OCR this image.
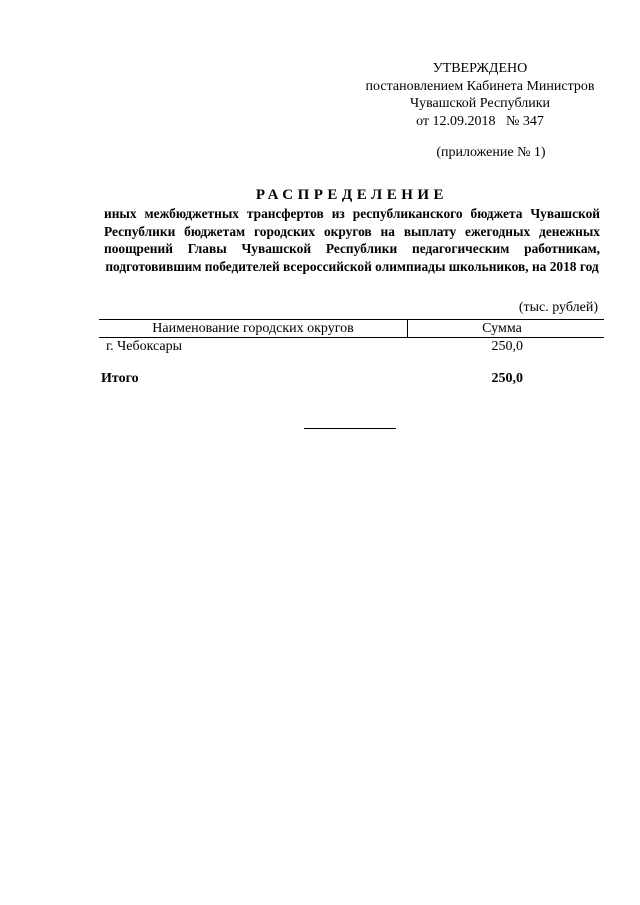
УТВЕРЖДЕНО
постановлением Кабинета Министров
Чувашской Республики
от 12.09.2018   № 347
(приложение № 1)
РАСПРЕДЕЛЕНИЕ
иных межбюджетных трансфертов из республиканского бюджета Чувашской Республики бюджетам городских округов на выплату ежегодных денежных поощрений Главы Чувашской Республики педагогическим работникам, подготовившим победителей всероссийской олимпиады школьников, на 2018 год
(тыс. рублей)
Наименование городских округов	Сумма
г. Чебоксары	250,0
Итого	250,0
